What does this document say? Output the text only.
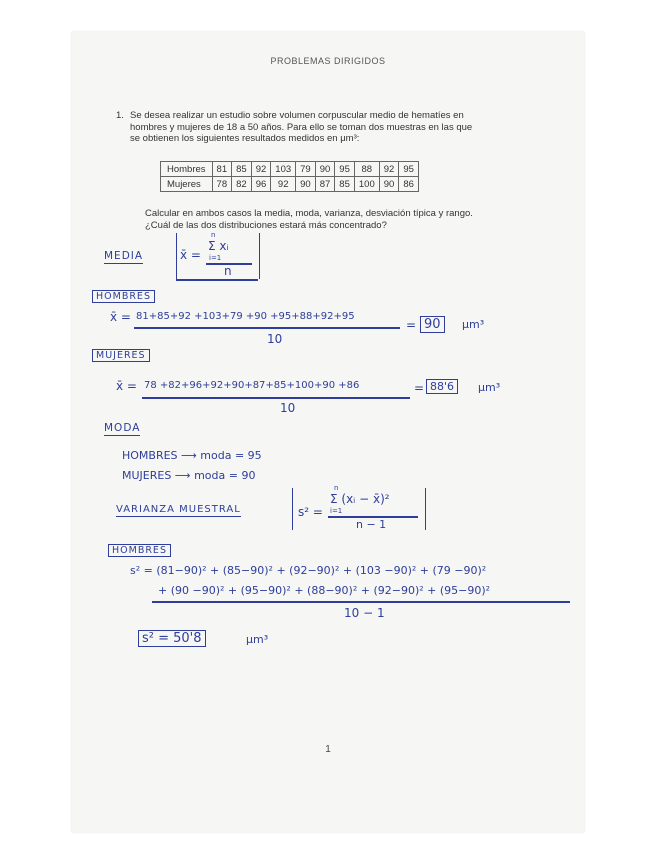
PROBLEMAS DIRIGIDOS
1. Se desea realizar un estudio sobre volumen corpuscular medio de hematíes en
hombres y mujeres de 18 a 50 años. Para ello se toman dos muestras en las que
se obtienen los siguientes resultados medidos en μm³:
Hombres	81	85	92	103	79	90	95	88	92	95
Mujeres	78	82	96	92	90	87	85	100	90	86
Calcular en ambos casos la media, moda, varianza, desviación típica y rango.
¿Cuál de las dos distribuciones estará más concentrado?
MEDIA	x̄ =
n
Σ xᵢ
i=1
n
HOMBRES
x̄ = 81+85+92 +103+79 +90 +95+88+92+95
10
= 90	μm³
MUJERES
x̄ = 78 +82+96+92+90+87+85+100+90 +86
10
= 88'6	μm³
MODA
HOMBRES ⟶ moda = 95
MUJERES ⟶ moda = 90
VARIANZA MUESTRAL	s² =
n
Σ (xᵢ − x̄)²
i=1
n − 1
HOMBRES
s² = (81−90)² + (85−90)² + (92−90)² + (103 −90)² + (79 −90)²
+ (90 −90)² + (95−90)² + (88−90)² + (92−90)² + (95−90)²
10 − 1
s² = 50'8	μm³
1
